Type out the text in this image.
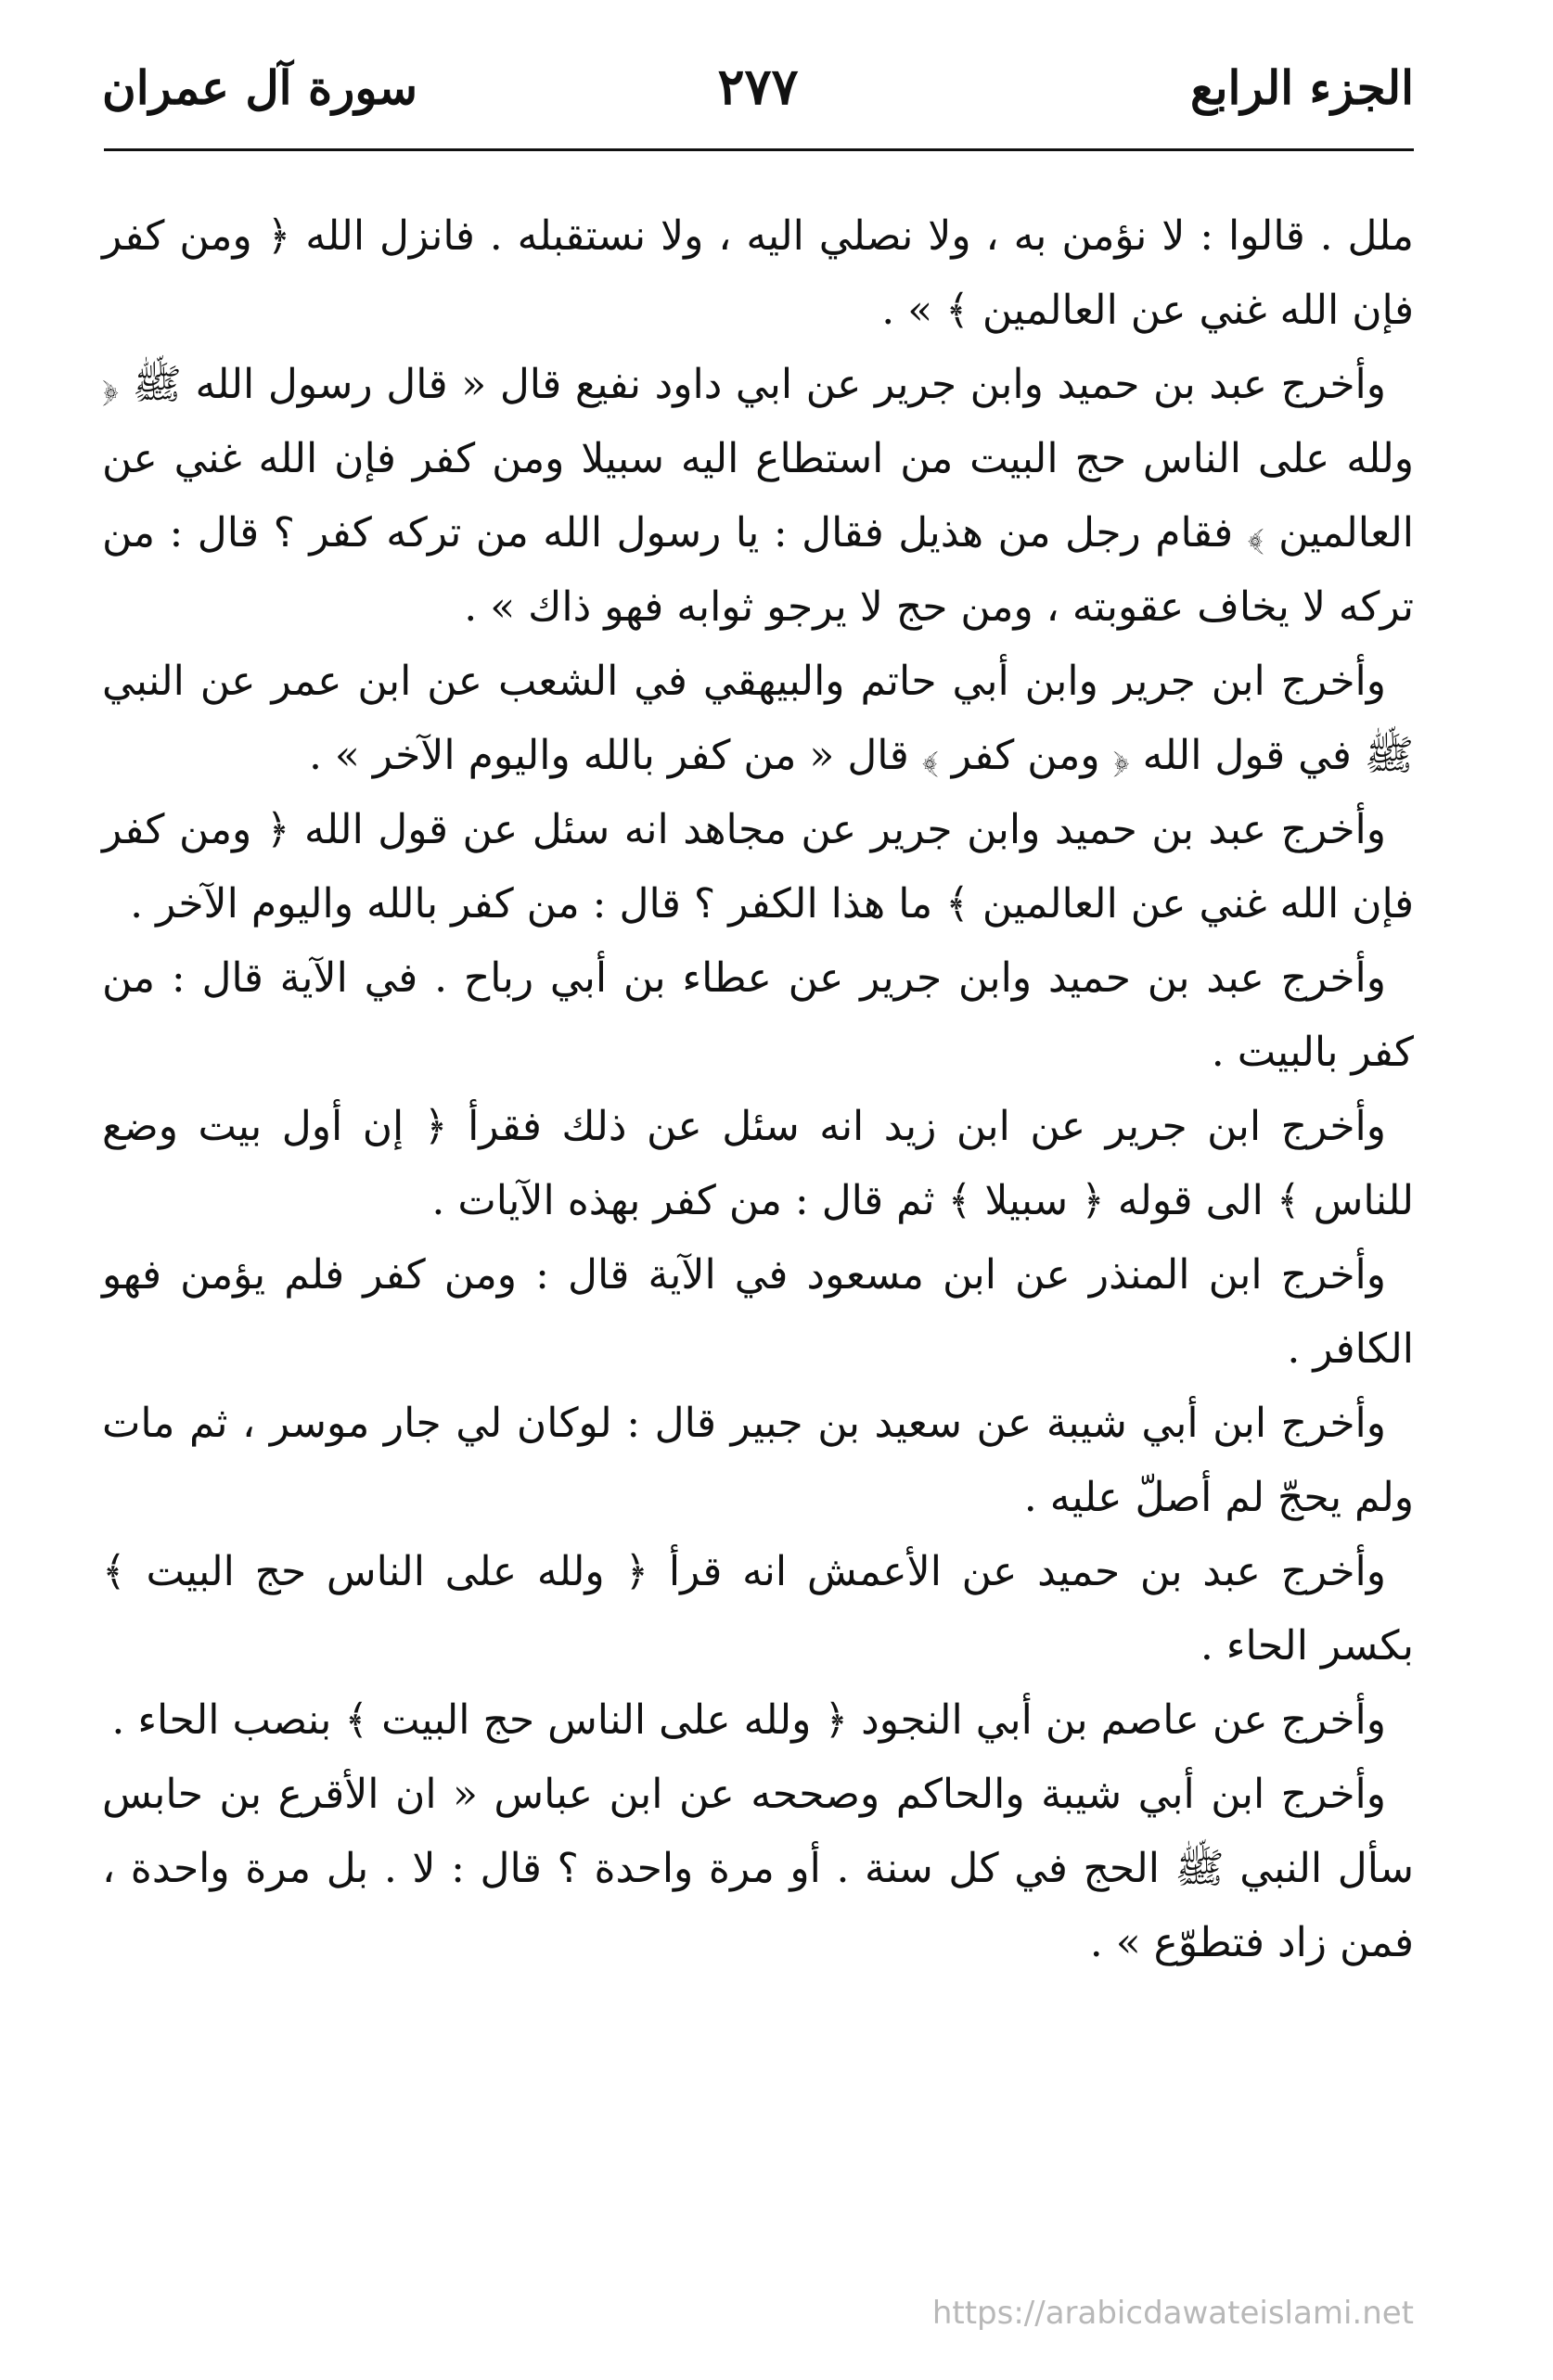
الجزء الرابع
٢٧٧
سورة آل عمران

ملل . قالوا : لا نؤمن به ، ولا نصلي اليه ، ولا نستقبله . فانزل الله ﴿ ومن كفر فإن الله غني عن العالمين ﴾ » .

وأخرج عبد بن حميد وابن جرير عن ابي داود نفيع قال « قال رسول الله ﷺ ﴿ ولله على الناس حج البيت من استطاع اليه سبيلا ومن كفر فإن الله غني عن العالمين ﴾ فقام رجل من هذيل فقال : يا رسول الله من تركه كفر ؟ قال : من تركه لا يخاف عقوبته ، ومن حج لا يرجو ثوابه فهو ذاك » .

وأخرج ابن جرير وابن أبي حاتم والبيهقي في الشعب عن ابن عمر عن النبي ﷺ في قول الله ﴿ ومن كفر ﴾ قال « من كفر بالله واليوم الآخر » .

وأخرج عبد بن حميد وابن جرير عن مجاهد انه سئل عن قول الله ﴿ ومن كفر فإن الله غني عن العالمين ﴾ ما هذا الكفر ؟ قال : من كفر بالله واليوم الآخر .

وأخرج عبد بن حميد وابن جرير عن عطاء بن أبي رباح . في الآية قال : من كفر بالبيت .

وأخرج ابن جرير عن ابن زيد انه سئل عن ذلك فقرأ ﴿ إن أول بيت وضع للناس ﴾ الى قوله ﴿ سبيلا ﴾ ثم قال : من كفر بهذه الآيات .

وأخرج ابن المنذر عن ابن مسعود في الآية قال : ومن كفر فلم يؤمن فهو الكافر .

وأخرج ابن أبي شيبة عن سعيد بن جبير قال : لوكان لي جار موسر ، ثم مات ولم يحجّ لم أصلّ عليه .

وأخرج عبد بن حميد عن الأعمش انه قرأ ﴿ ولله على الناس حج البيت ﴾ بكسر الحاء .

وأخرج عن عاصم بن أبي النجود ﴿ ولله على الناس حج البيت ﴾ بنصب الحاء .

وأخرج ابن أبي شيبة والحاكم وصححه عن ابن عباس « ان الأقرع بن حابس سأل النبي ﷺ الحج في كل سنة . أو مرة واحدة ؟ قال : لا . بل مرة واحدة ، فمن زاد فتطوّع » .

https://arabicdawateislami.net
